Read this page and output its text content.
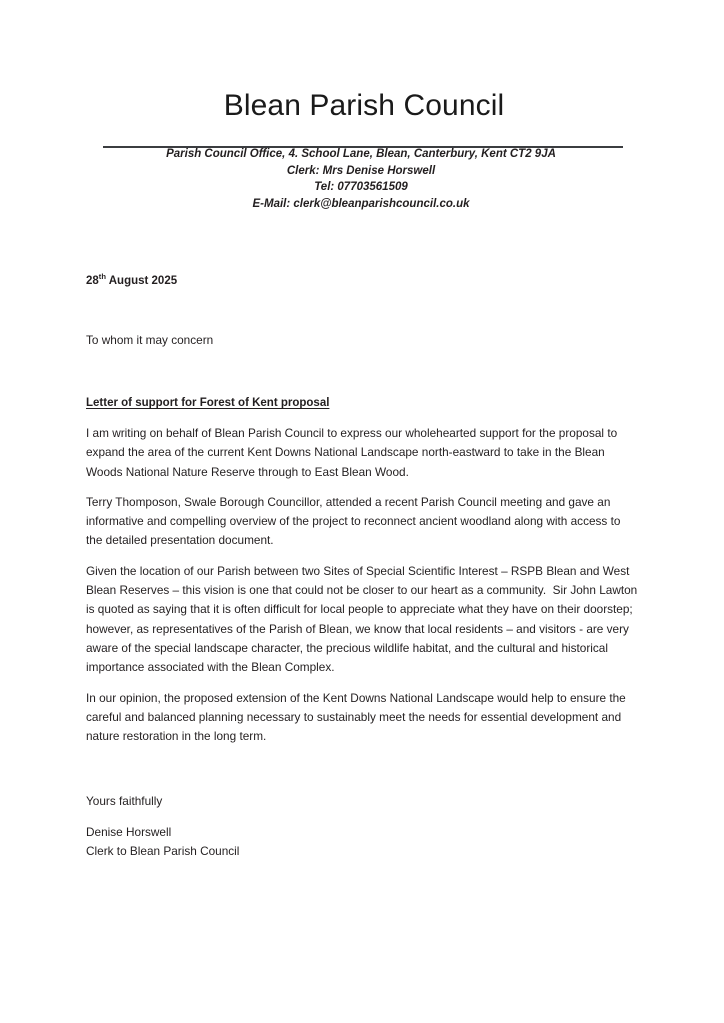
Blean Parish Council
Parish Council Office, 4. School Lane, Blean, Canterbury, Kent CT2 9JA
Clerk: Mrs Denise Horswell
Tel: 07703561509
E-Mail: clerk@bleanparishcouncil.co.uk

28th August 2025

To whom it may concern

Letter of support for Forest of Kent proposal

I am writing on behalf of Blean Parish Council to express our wholehearted support for the proposal to expand the area of the current Kent Downs National Landscape north-eastward to take in the Blean Woods National Nature Reserve through to East Blean Wood.

Terry Thomposon, Swale Borough Councillor, attended a recent Parish Council meeting and gave an informative and compelling overview of the project to reconnect ancient woodland along with access to the detailed presentation document.

Given the location of our Parish between two Sites of Special Scientific Interest – RSPB Blean and West Blean Reserves – this vision is one that could not be closer to our heart as a community.  Sir John Lawton is quoted as saying that it is often difficult for local people to appreciate what they have on their doorstep; however, as representatives of the Parish of Blean, we know that local residents – and visitors - are very aware of the special landscape character, the precious wildlife habitat, and the cultural and historical importance associated with the Blean Complex.

In our opinion, the proposed extension of the Kent Downs National Landscape would help to ensure the careful and balanced planning necessary to sustainably meet the needs for essential development and nature restoration in the long term.

Yours faithfully

Denise Horswell

Clerk to Blean Parish Council
